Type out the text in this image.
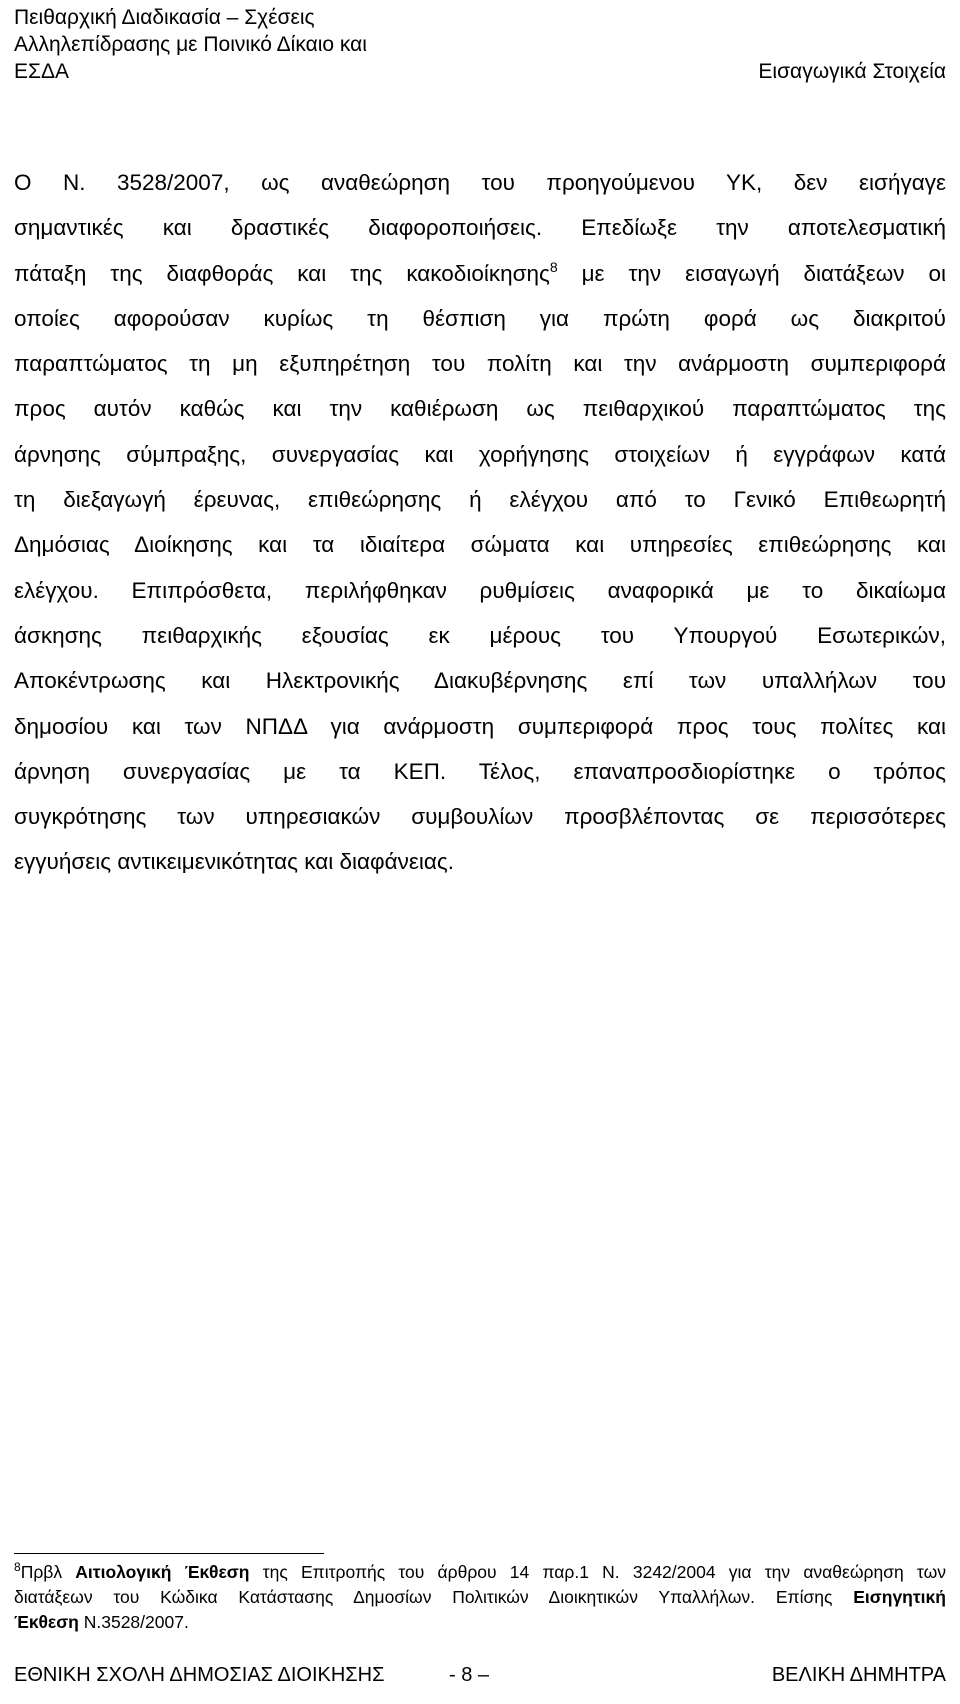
Πειθαρχική Διαδικασία – Σχέσεις
Αλληλεπίδρασης με Ποινικό Δίκαιο και
ΕΣΔΑ	Εισαγωγικά Στοιχεία
Ο Ν. 3528/2007, ως αναθεώρηση του προηγούμενου ΥΚ, δεν εισήγαγε
σημαντικές και δραστικές διαφοροποιήσεις. Επεδίωξε την αποτελεσματική
πάταξη της διαφθοράς και της κακοδιοίκησης$^8$ με την εισαγωγή διατάξεων οι
οποίες αφορούσαν κυρίως τη θέσπιση για πρώτη φορά ως διακριτού
παραπτώματος τη μη εξυπηρέτηση του πολίτη και την ανάρμοστη συμπεριφορά
προς αυτόν καθώς και την καθιέρωση ως πειθαρχικού παραπτώματος της
άρνησης σύμπραξης, συνεργασίας και χορήγησης στοιχείων ή εγγράφων κατά
τη διεξαγωγή έρευνας, επιθεώρησης ή ελέγχου από το Γενικό Επιθεωρητή
Δημόσιας Διοίκησης και τα ιδιαίτερα σώματα και υπηρεσίες επιθεώρησης και
ελέγχου. Επιπρόσθετα, περιλήφθηκαν ρυθμίσεις αναφορικά με το δικαίωμα
άσκησης πειθαρχικής εξουσίας εκ μέρους του Υπουργού Εσωτερικών,
Αποκέντρωσης και Ηλεκτρονικής Διακυβέρνησης επί των υπαλλήλων του
δημοσίου και των ΝΠΔΔ για ανάρμοστη συμπεριφορά προς τους πολίτες και
άρνηση συνεργασίας με τα ΚΕΠ. Τέλος, επαναπροσδιορίστηκε ο τρόπος
συγκρότησης των υπηρεσιακών συμβουλίων προσβλέποντας σε περισσότερες
εγγυήσεις αντικειμενικότητας και διαφάνειας.
$^8$Πρβλ Αιτιολογική Έκθεση της Επιτροπής του άρθρου 14 παρ.1 Ν. 3242/2004 για την αναθεώρηση των
διατάξεων του Κώδικα Κατάστασης Δημοσίων Πολιτικών Διοικητικών Υπαλλήλων. Επίσης Εισηγητική
Έκθεση Ν.3528/2007.
ΕΘΝΙΚΗ ΣΧΟΛΗ ΔΗΜΟΣΙΑΣ ΔΙΟΙΚΗΣΗΣ	- 8 –	ΒΕΛΙΚΗ ΔΗΜΗΤΡΑ
